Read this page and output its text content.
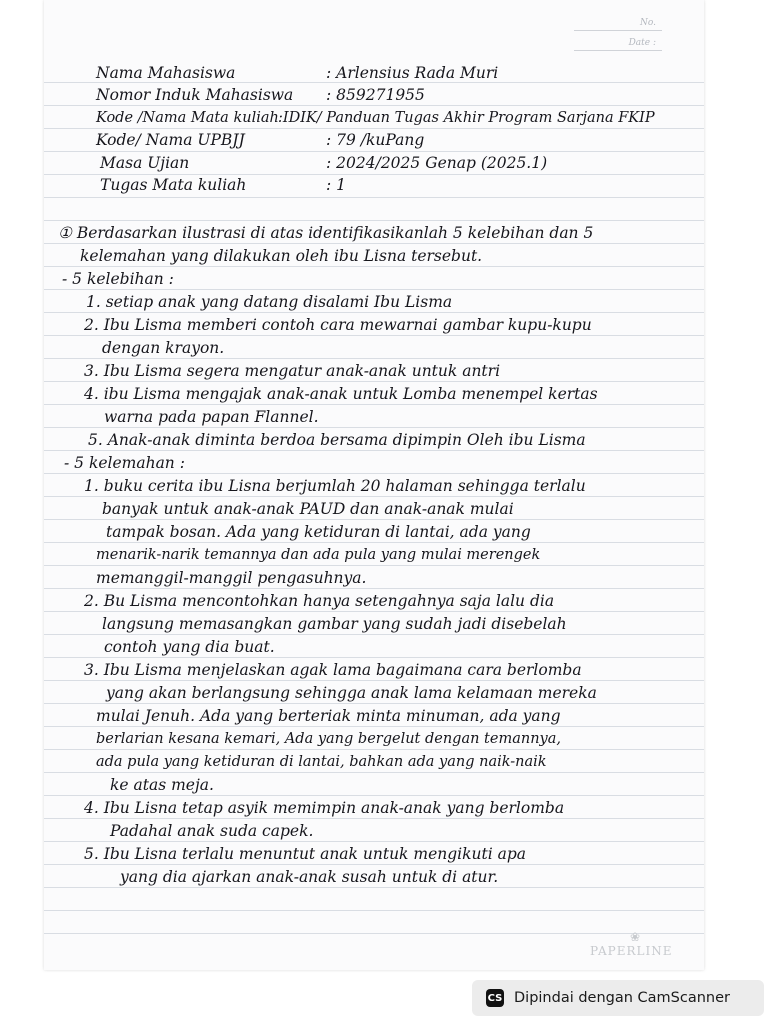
No.
Date :
Nama Mahasiswa	: Arlensius Rada Muri
Nomor Induk Mahasiswa : 859271955
Kode /Nama Mata kuliah :IDIK/ Panduan Tugas Akhir Program Sarjana FKIP
Kode/ Nama UPBJJ	: 79 /kuPang
Masa Ujian	: 2024/2025 Genap (2025.1)
Tugas Mata kuliah	: 1
① Berdasarkan ilustrasi di atas identifikasikanlah 5 kelebihan dan 5
kelemahan yang dilakukan oleh ibu Lisna tersebut.
- 5 kelebihan :
1. setiap anak yang datang disalami Ibu Lisma
2. Ibu Lisma memberi contoh cara mewarnai gambar kupu-kupu
dengan krayon.
3. Ibu Lisma segera mengatur anak-anak untuk antri
4. ibu Lisma mengajak anak-anak untuk Lomba menempel kertas
warna pada papan Flannel.
5. Anak-anak diminta berdoa bersama dipimpin Oleh ibu Lisma
- 5 kelemahan :
1. buku cerita ibu Lisna berjumlah 20 halaman sehingga terlalu
banyak untuk anak-anak PAUD dan anak-anak mulai
tampak bosan. Ada yang ketiduran di lantai, ada yang
menarik-narik temannya dan ada pula yang mulai merengek
memanggil-manggil pengasuhnya.
2. Bu Lisma mencontohkan hanya setengahnya saja lalu dia
langsung memasangkan gambar yang sudah jadi disebelah
contoh yang dia buat.
3. Ibu Lisma menjelaskan agak lama bagaimana cara berlomba
yang akan berlangsung sehingga anak lama kelamaan mereka
mulai Jenuh. Ada yang berteriak minta minuman, ada yang
berlarian kesana kemari, Ada yang bergelut dengan temannya,
ada pula yang ketiduran di lantai, bahkan ada yang naik-naik
ke atas meja.
4. Ibu Lisna tetap asyik memimpin anak-anak yang berlomba
Padahal anak suda capek.
5. Ibu Lisna terlalu menuntut anak untuk mengikuti apa
yang dia ajarkan anak-anak susah untuk di atur.
❀
PAPERLINE
CS Dipindai dengan CamScanner
